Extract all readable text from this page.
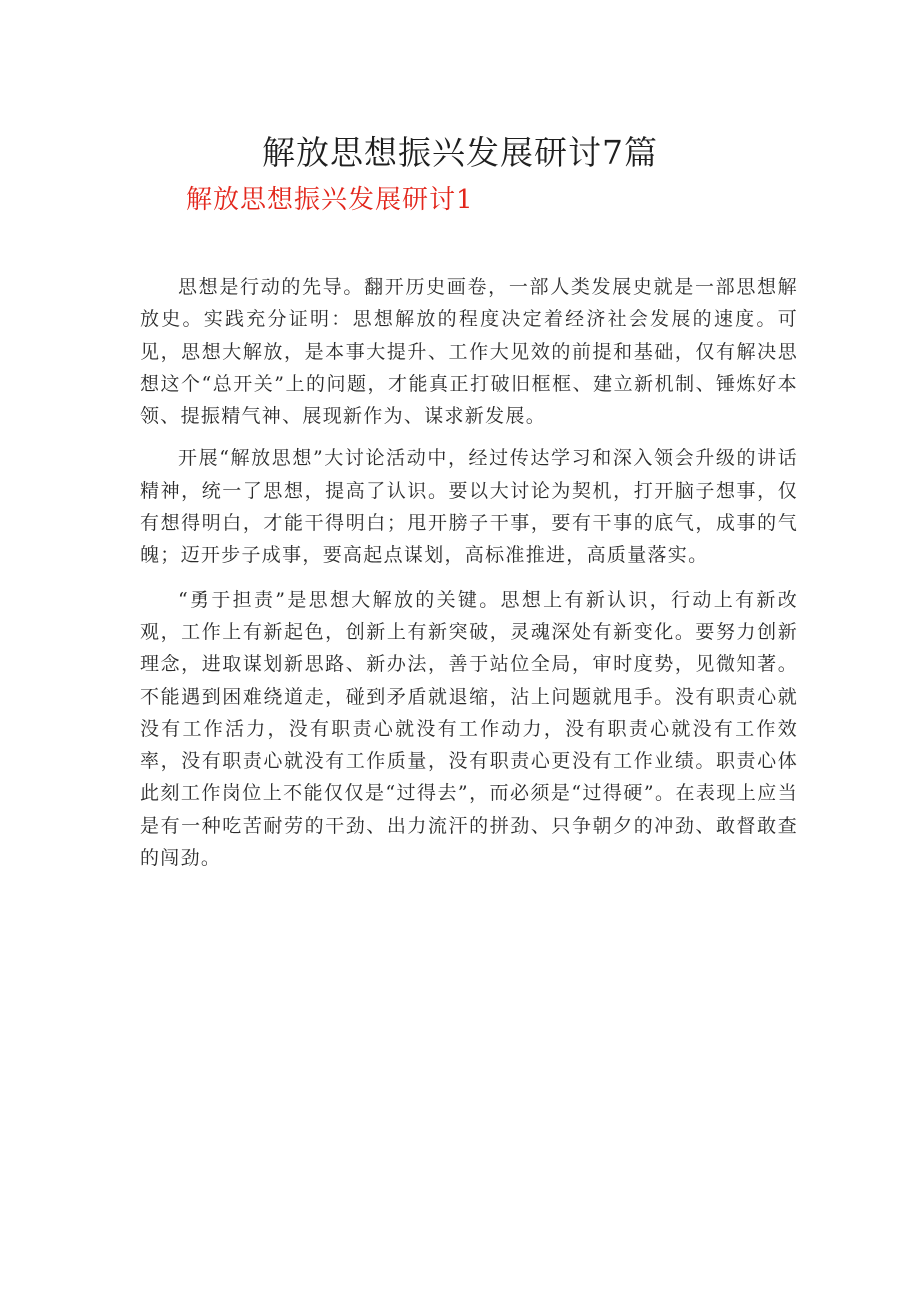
解放思想振兴发展研讨7篇
解放思想振兴发展研讨1

思想是行动的先导。翻开历史画卷，一部人类发展史就是一部思想解放史。实践充分证明：思想解放的程度决定着经济社会发展的速度。可见，思想大解放，是本事大提升、工作大见效的前提和基础，仅有解决思想这个“总开关”上的问题，才能真正打破旧框框、建立新机制、锤炼好本领、提振精气神、展现新作为、谋求新发展。

开展“解放思想”大讨论活动中，经过传达学习和深入领会升级的讲话精神，统一了思想，提高了认识。要以大讨论为契机，打开脑子想事，仅有想得明白，才能干得明白；甩开膀子干事，要有干事的底气，成事的气魄；迈开步子成事，要高起点谋划，高标准推进，高质量落实。

“勇于担责”是思想大解放的关键。思想上有新认识，行动上有新改观，工作上有新起色，创新上有新突破，灵魂深处有新变化。要努力创新理念，进取谋划新思路、新办法，善于站位全局，审时度势，见微知著。不能遇到困难绕道走，碰到矛盾就退缩，沾上问题就甩手。没有职责心就没有工作活力，没有职责心就没有工作动力，没有职责心就没有工作效率，没有职责心就没有工作质量，没有职责心更没有工作业绩。职责心体此刻工作岗位上不能仅仅是“过得去”，而必须是“过得硬”。在表现上应当是有一种吃苦耐劳的干劲、出力流汗的拼劲、只争朝夕的冲劲、敢督敢查的闯劲。
